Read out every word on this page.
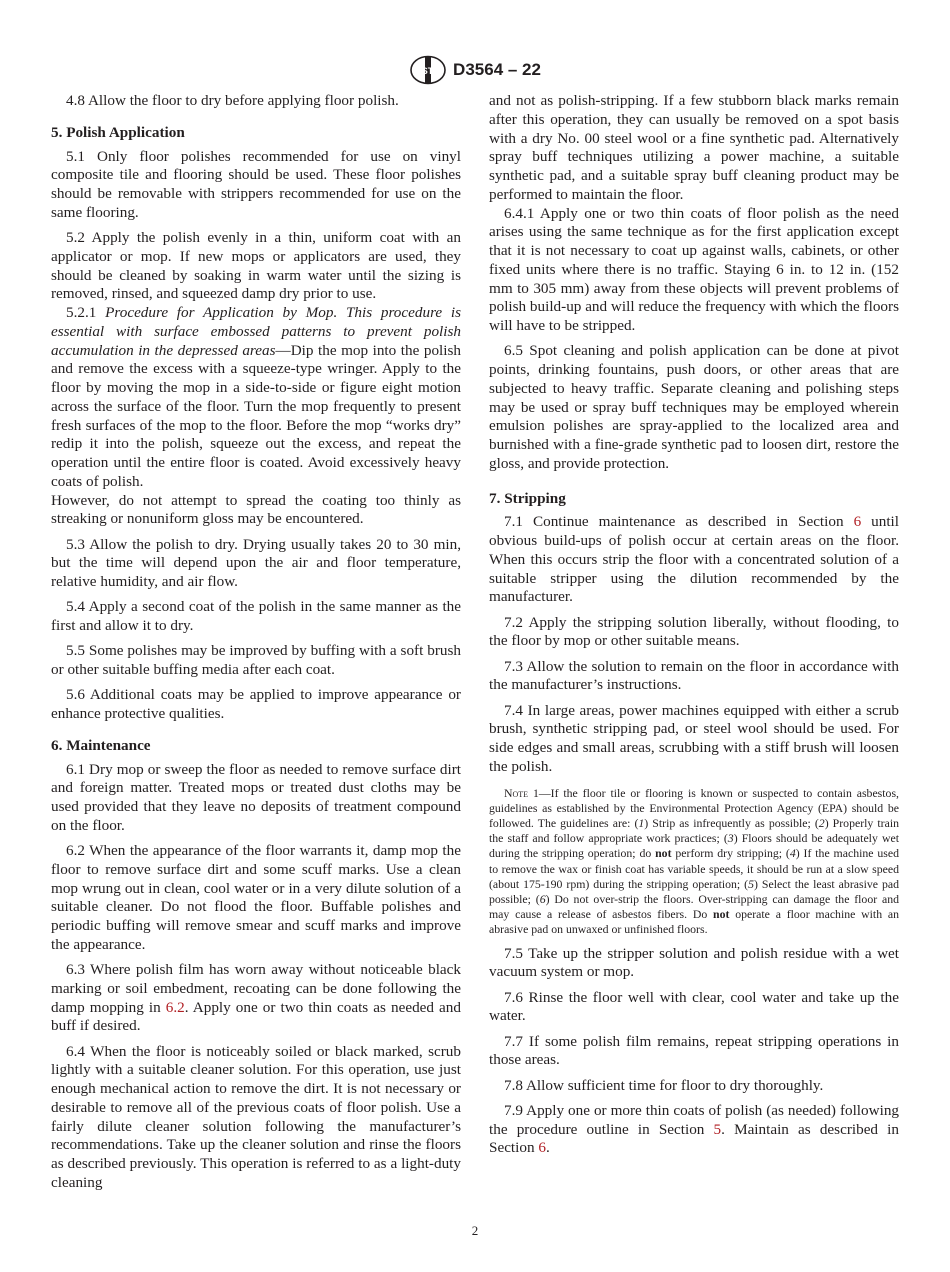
ASTM D3564 – 22

4.8 Allow the floor to dry before applying floor polish.

5. Polish Application

5.1 Only floor polishes recommended for use on vinyl composite tile and flooring should be used. These floor polishes should be removable with strippers recommended for use on the same flooring.

5.2 Apply the polish evenly in a thin, uniform coat with an applicator or mop. If new mops or applicators are used, they should be cleaned by soaking in warm water until the sizing is removed, rinsed, and squeezed damp dry prior to use.

5.2.1 Procedure for Application by Mop. This procedure is essential with surface embossed patterns to prevent polish accumulation in the depressed areas—Dip the mop into the polish and remove the excess with a squeeze-type wringer. Apply to the floor by moving the mop in a side-to-side or figure eight motion across the surface of the floor. Turn the mop frequently to present fresh surfaces of the mop to the floor. Before the mop “works dry” redip it into the polish, squeeze out the excess, and repeat the operation until the entire floor is coated. Avoid excessively heavy coats of polish.

However, do not attempt to spread the coating too thinly as streaking or nonuniform gloss may be encountered.

5.3 Allow the polish to dry. Drying usually takes 20 to 30 min, but the time will depend upon the air and floor temperature, relative humidity, and air flow.

5.4 Apply a second coat of the polish in the same manner as the first and allow it to dry.

5.5 Some polishes may be improved by buffing with a soft brush or other suitable buffing media after each coat.

5.6 Additional coats may be applied to improve appearance or enhance protective qualities.

6. Maintenance

6.1 Dry mop or sweep the floor as needed to remove surface dirt and foreign matter. Treated mops or treated dust cloths may be used provided that they leave no deposits of treatment compound on the floor.

6.2 When the appearance of the floor warrants it, damp mop the floor to remove surface dirt and some scuff marks. Use a clean mop wrung out in clean, cool water or in a very dilute solution of a suitable cleaner. Do not flood the floor. Buffable polishes and periodic buffing will remove smear and scuff marks and improve the appearance.

6.3 Where polish film has worn away without noticeable black marking or soil embedment, recoating can be done following the damp mopping in 6.2. Apply one or two thin coats as needed and buff if desired.

6.4 When the floor is noticeably soiled or black marked, scrub lightly with a suitable cleaner solution. For this operation, use just enough mechanical action to remove the dirt. It is not necessary or desirable to remove all of the previous coats of floor polish. Use a fairly dilute cleaner solution following the manufacturer’s recommendations. Take up the cleaner solution and rinse the floors as described previously. This operation is referred to as a light-duty cleaning

and not as polish-stripping. If a few stubborn black marks remain after this operation, they can usually be removed on a spot basis with a dry No. 00 steel wool or a fine synthetic pad. Alternatively spray buff techniques utilizing a power machine, a suitable synthetic pad, and a suitable spray buff cleaning product may be performed to maintain the floor.

6.4.1 Apply one or two thin coats of floor polish as the need arises using the same technique as for the first application except that it is not necessary to coat up against walls, cabinets, or other fixed units where there is no traffic. Staying 6 in. to 12 in. (152 mm to 305 mm) away from these objects will prevent problems of polish build-up and will reduce the frequency with which the floors will have to be stripped.

6.5 Spot cleaning and polish application can be done at pivot points, drinking fountains, push doors, or other areas that are subjected to heavy traffic. Separate cleaning and polishing steps may be used or spray buff techniques may be employed wherein emulsion polishes are spray-applied to the localized area and burnished with a fine-grade synthetic pad to loosen dirt, restore the gloss, and provide protection.

7. Stripping

7.1 Continue maintenance as described in Section 6 until obvious build-ups of polish occur at certain areas on the floor. When this occurs strip the floor with a concentrated solution of a suitable stripper using the dilution recommended by the manufacturer.

7.2 Apply the stripping solution liberally, without flooding, to the floor by mop or other suitable means.

7.3 Allow the solution to remain on the floor in accordance with the manufacturer’s instructions.

7.4 In large areas, power machines equipped with either a scrub brush, synthetic stripping pad, or steel wool should be used. For side edges and small areas, scrubbing with a stiff brush will loosen the polish.

Note 1—If the floor tile or flooring is known or suspected to contain asbestos, guidelines as established by the Environmental Protection Agency (EPA) should be followed. The guidelines are: (1) Strip as infrequently as possible; (2) Properly train the staff and follow appropriate work practices; (3) Floors should be adequately wet during the stripping operation; do not perform dry stripping; (4) If the machine used to remove the wax or finish coat has variable speeds, it should be run at a slow speed (about 175-190 rpm) during the stripping operation; (5) Select the least abrasive pad possible; (6) Do not over-strip the floors. Over-stripping can damage the floor and may cause a release of asbestos fibers. Do not operate a floor machine with an abrasive pad on unwaxed or unfinished floors.

7.5 Take up the stripper solution and polish residue with a wet vacuum system or mop.

7.6 Rinse the floor well with clear, cool water and take up the water.

7.7 If some polish film remains, repeat stripping operations in those areas.

7.8 Allow sufficient time for floor to dry thoroughly.

7.9 Apply one or more thin coats of polish (as needed) following the procedure outline in Section 5. Maintain as described in Section 6.

2
